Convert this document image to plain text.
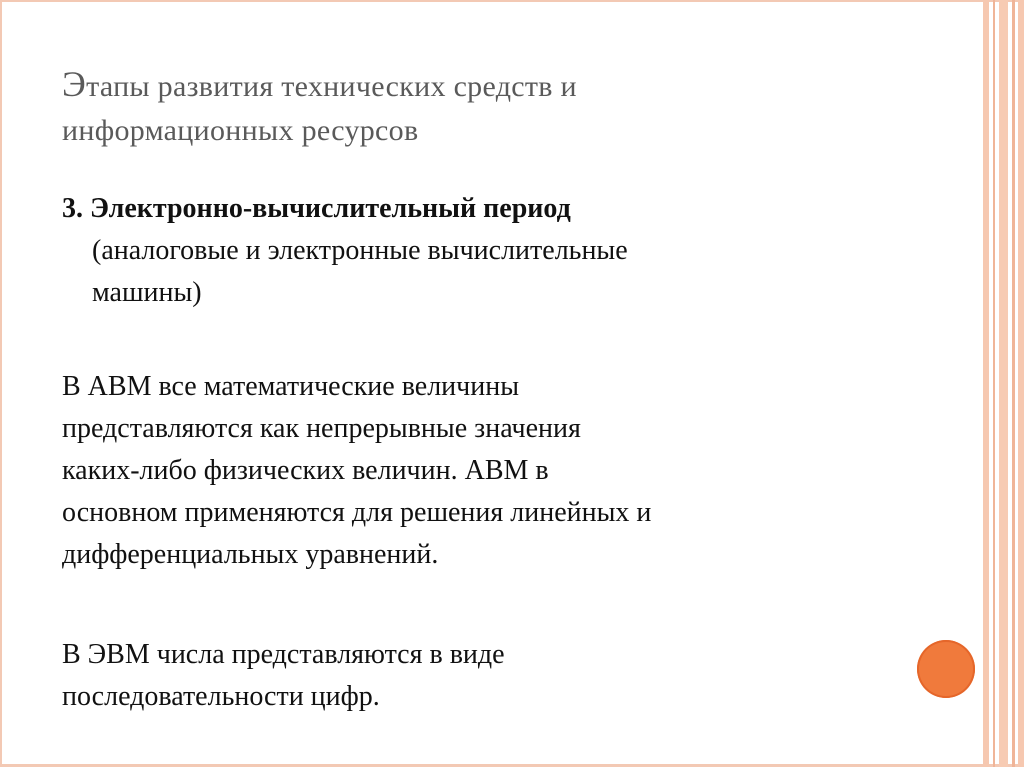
Этапы развития технических средств и
информационных ресурсов
3. Электронно-вычислительный период
(аналоговые и электронные вычислительные
машины)
В АВМ все математические величины
представляются как непрерывные значения
каких-либо физических величин. АВМ в
основном применяются для решения линейных и
дифференциальных уравнений.
В ЭВМ числа представляются в виде
последовательности цифр.
